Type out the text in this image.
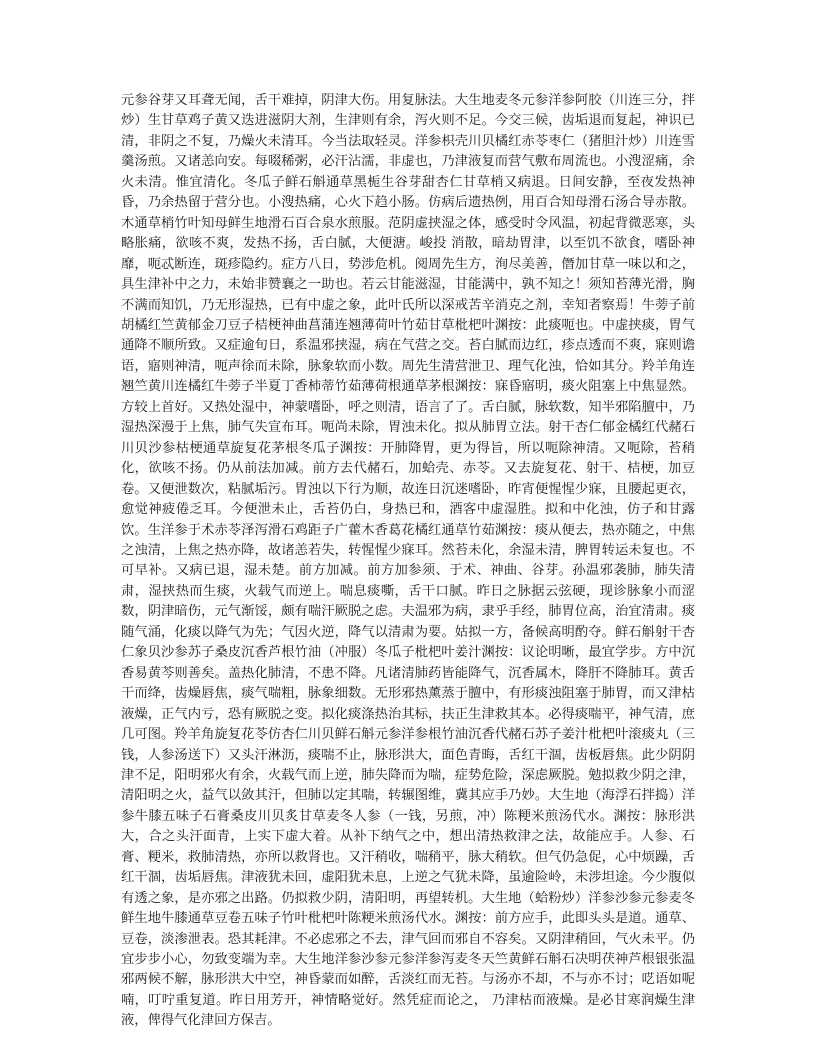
元参谷芽又耳聋无闻，舌干难掉，阴津大伤。用复脉法。大生地麦冬元参洋参阿胶（川连三分，拌炒）生甘草鸡子黄又迭进滋阴大剂，生津则有余，泻火则不足。今交三候，齿垢退而复起，神识已清，非阴之不复，乃燥火未清耳。今当法取轻灵。洋参枳壳川贝橘红赤苓枣仁（猪胆汁炒）川连雪羹汤煎。又诸恙向安。每啜稀粥，必汗沾濡，非虚也，乃津液复而营气敷布周流也。小溲涩痛，余火未清。惟宜清化。冬瓜子鲜石斛通草黑栀生谷芽甜杏仁甘草梢又病退。日间安静，至夜发热神昏，乃余热留于营分也。小溲热痛，心火下趋小肠。仿病后遗热例，用百合知母滑石汤合导赤散。木通草梢竹叶知母鲜生地滑石百合泉水煎服。范阴虚挟湿之体，感受时令风温，初起背微恶寒，头略胀痛，欲咳不爽，发热不扬，舌白腻，大便溏。峻投 消散，暗劫胃津，以至饥不欲食，嗜卧神靡，呃忒断连，斑疹隐约。症方八日，势涉危机。阅周先生方，洵尽美善，僭加甘草一味以和之，具生津补中之力，未始非赞襄之一助也。若云甘能滋湿，甘能满中，孰不知之！须知苔薄光滑，胸不满而知饥，乃无形湿热，已有中虚之象，此叶氏所以深戒苦辛消克之剂，幸知者察焉！牛蒡子前胡橘红竺黄郁金刀豆子桔梗神曲菖蒲连翘薄荷叶竹茹甘草枇杷叶渊按：此痰呃也。中虚挟痰，胃气通降不顺所致。又症逾旬日，系温邪挟湿，病在气营之交。苔白腻而边红，疹点透而不爽，寐则谵语，寤则神清，呃声徐而未除，脉象软而小数。周先生清营泄卫、理气化浊，恰如其分。羚羊角连翘竺黄川连橘红牛蒡子半夏丁香柿蒂竹茹薄荷根通草茅根渊按：寐昏寤明，痰火阻塞上中焦显然。方较上首好。又热处湿中，神蒙嗜卧，呼之则清，语言了了。舌白腻，脉软数，知半邪陷膻中，乃湿热深漫于上焦，肺气失宣布耳。呃尚未除，胃浊未化。拟从肺胃立法。射干杏仁郁金橘红代赭石川贝沙参枯梗通草旋复花茅根冬瓜子渊按：开肺降胃，更为得旨，所以呃除神清。又呃除，苔稍化，欲咳不扬。仍从前法加减。前方去代赭石，加蛤壳、赤苓。又去旋复花、射干、桔梗，加豆卷。又便泄数次，粘腻垢污。胃浊以下行为顺，故连日沉迷嗜卧，昨宵便惺惺少寐，且腰起更衣，愈觉神疲倦乏耳。今便泄未止，舌苔仍白，身热已和，酒客中虚湿胜。拟和中化浊，仿子和甘露饮。生洋参于术赤苓泽泻滑石鸡距子广藿木香葛花橘红通草竹茹渊按：痰从便去，热亦随之，中焦之浊清，上焦之热亦降，故诸恙若失，转惺惺少寐耳。然苔未化，余湿未清，脾胃转运未复也。不可早补。又病已退，湿未楚。前方加减。前方加参须、于术、神曲、谷芽。孙温邪袭肺，肺失清肃，湿挟热而生痰，火载气而逆上。喘息痰嘶，舌干口腻。昨日之脉据云弦硬，现诊脉象小而涩数，阴津暗伤，元气渐馁，颇有喘汗厥脱之虑。夫温邪为病，隶乎手经，肺胃位高，治宜清肃。痰随气涌，化痰以降气为先；气因火逆，降气以清肃为要。姑拟一方，备候高明酌夺。鲜石斛射干杏仁象贝沙参苏子桑皮沉香芦根竹油（冲服）冬瓜子枇杷叶姜汁渊按：议论明晰，最宜学步。方中沉香易黄芩则善矣。盖热化肺清，不患不降。凡诸清肺药皆能降气，沉香属木，降肝不降肺耳。黄舌干而绛，齿燥唇焦，痰气喘粗，脉象细数。无形邪热薰蒸于膻中，有形痰浊阻塞于肺胃，而又津枯液燥，正气内亏，恐有厥脱之变。拟化痰涤热治其标，扶正生津救其本。必得痰喘平，神气清，庶几可图。羚羊角旋复花苓仿杏仁川贝鲜石斛元参洋参根竹油沉香代赭石苏子姜汁枇杷叶滚痰丸（三钱，人参汤送下）又头汗淋沥，痰喘不止，脉形洪大，面色青晦，舌红干涸，齿板唇焦。此少阴阴津不足，阳明邪火有余，火载气而上逆，肺失降而为喘，症势危险，深虑厥脱。勉拟救少阴之津，清阳明之火，益气以敛其汗，但肺以定其喘，转辗图维，冀其应手乃妙。大生地（海浮石拌捣）洋参牛膝五味子石膏桑皮川贝炙甘草麦冬人参（一钱，另煎，冲）陈粳米煎汤代水。渊按：脉形洪大，合之头汗面青，上实下虚大着。从补下纳气之中，想出清热救津之法，故能应手。人参、石膏、粳米，救肺清热，亦所以救肾也。又汗稍收，喘稍平，脉大稍软。但气仍急促，心中烦躁，舌红干涸，齿垢唇焦。津液犹未回，虚阳犹未息，上逆之气犹未降，虽逾险岭，未涉坦途。今少腹似有透之象，是亦邪之出路。仍拟救少阴，清阳明，再望转机。大生地（蛤粉炒）洋参沙参元参麦冬鲜生地牛膝通草豆卷五味子竹叶枇杷叶陈粳米煎汤代水。渊按：前方应手，此即头头是道。通草、豆卷，淡渗泄表。恐其耗津。不必虑邪之不去，津气回而邪自不容矣。又阴津稍回，气火未平。仍宜步步小心，勿致变端为幸。大生地洋参沙参元参洋参泻麦冬天竺黄鲜石斛石决明茯神芦根银张温邪两候不解，脉形洪大中空，神昏蒙而如醉，舌淡红而无苔。与汤亦不却，不与亦不讨；呓语如呢喃，叮咛重复道。昨日用芳开，神情略觉好。然凭症而论之， 乃津枯而液燥。是必甘寒润燥生津液，俾得气化津回方保吉。
